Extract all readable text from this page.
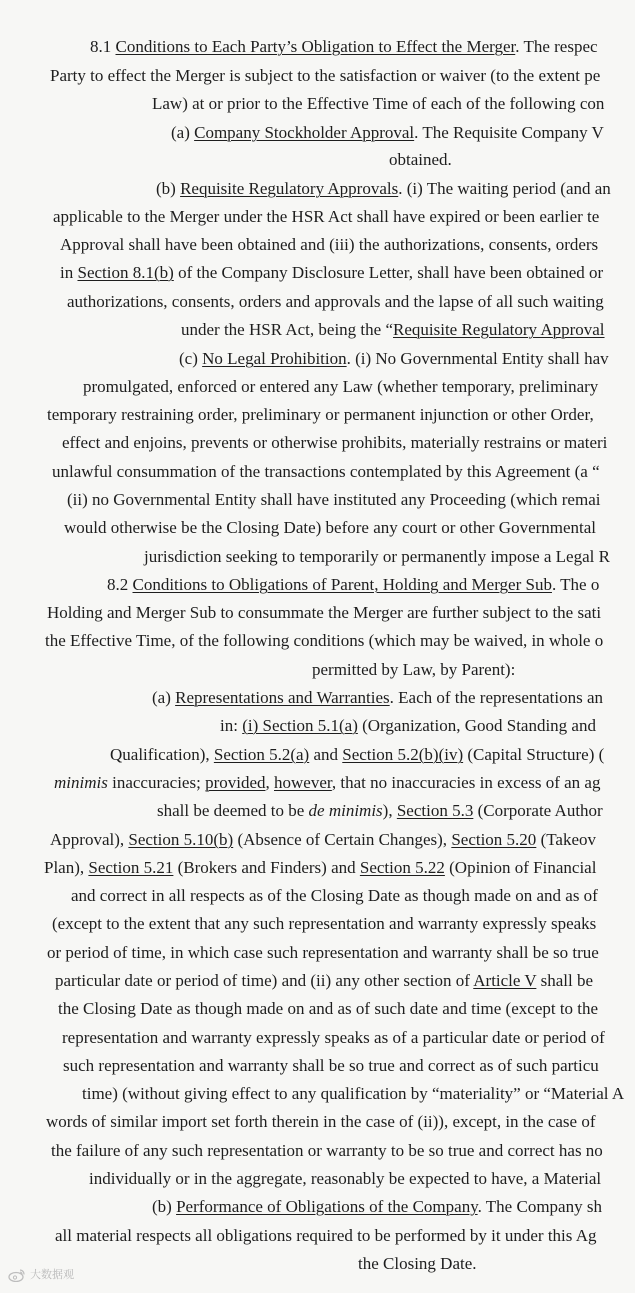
8.1 Conditions to Each Party’s Obligation to Effect the Merger. The respec
Party to effect the Merger is subject to the satisfaction or waiver (to the extent pe
Law) at or prior to the Effective Time of each of the following con
(a) Company Stockholder Approval. The Requisite Company V
obtained.
(b) Requisite Regulatory Approvals. (i) The waiting period (and an
applicable to the Merger under the HSR Act shall have expired or been earlier te
Approval shall have been obtained and (iii) the authorizations, consents, orders
in Section 8.1(b) of the Company Disclosure Letter, shall have been obtained or
authorizations, consents, orders and approvals and the lapse of all such waiting
under the HSR Act, being the “Requisite Regulatory Approval
(c) No Legal Prohibition. (i) No Governmental Entity shall hav
promulgated, enforced or entered any Law (whether temporary, preliminary
temporary restraining order, preliminary or permanent injunction or other Order,
effect and enjoins, prevents or otherwise prohibits, materially restrains or materi
unlawful consummation of the transactions contemplated by this Agreement (a “
(ii) no Governmental Entity shall have instituted any Proceeding (which remai
would otherwise be the Closing Date) before any court or other Governmental
jurisdiction seeking to temporarily or permanently impose a Legal R
8.2 Conditions to Obligations of Parent, Holding and Merger Sub. The o
Holding and Merger Sub to consummate the Merger are further subject to the sati
the Effective Time, of the following conditions (which may be waived, in whole o
permitted by Law, by Parent):
(a) Representations and Warranties. Each of the representations an
in: (i) Section 5.1(a) (Organization, Good Standing and
Qualification), Section 5.2(a) and Section 5.2(b)(iv) (Capital Structure) (
minimis inaccuracies; provided, however, that no inaccuracies in excess of an ag
shall be deemed to be de minimis), Section 5.3 (Corporate Author
Approval), Section 5.10(b) (Absence of Certain Changes), Section 5.20 (Takeov
Plan), Section 5.21 (Brokers and Finders) and Section 5.22 (Opinion of Financial
and correct in all respects as of the Closing Date as though made on and as of
(except to the extent that any such representation and warranty expressly speaks
or period of time, in which case such representation and warranty shall be so true
particular date or period of time) and (ii) any other section of Article V shall be
the Closing Date as though made on and as of such date and time (except to the
representation and warranty expressly speaks as of a particular date or period of
such representation and warranty shall be so true and correct as of such particu
time) (without giving effect to any qualification by “materiality” or “Material A
words of similar import set forth therein in the case of (ii)), except, in the case of
the failure of any such representation or warranty to be so true and correct has no
individually or in the aggregate, reasonably be expected to have, a Material
(b) Performance of Obligations of the Company. The Company sh
all material respects all obligations required to be performed by it under this Ag
the Closing Date.
大数据观
